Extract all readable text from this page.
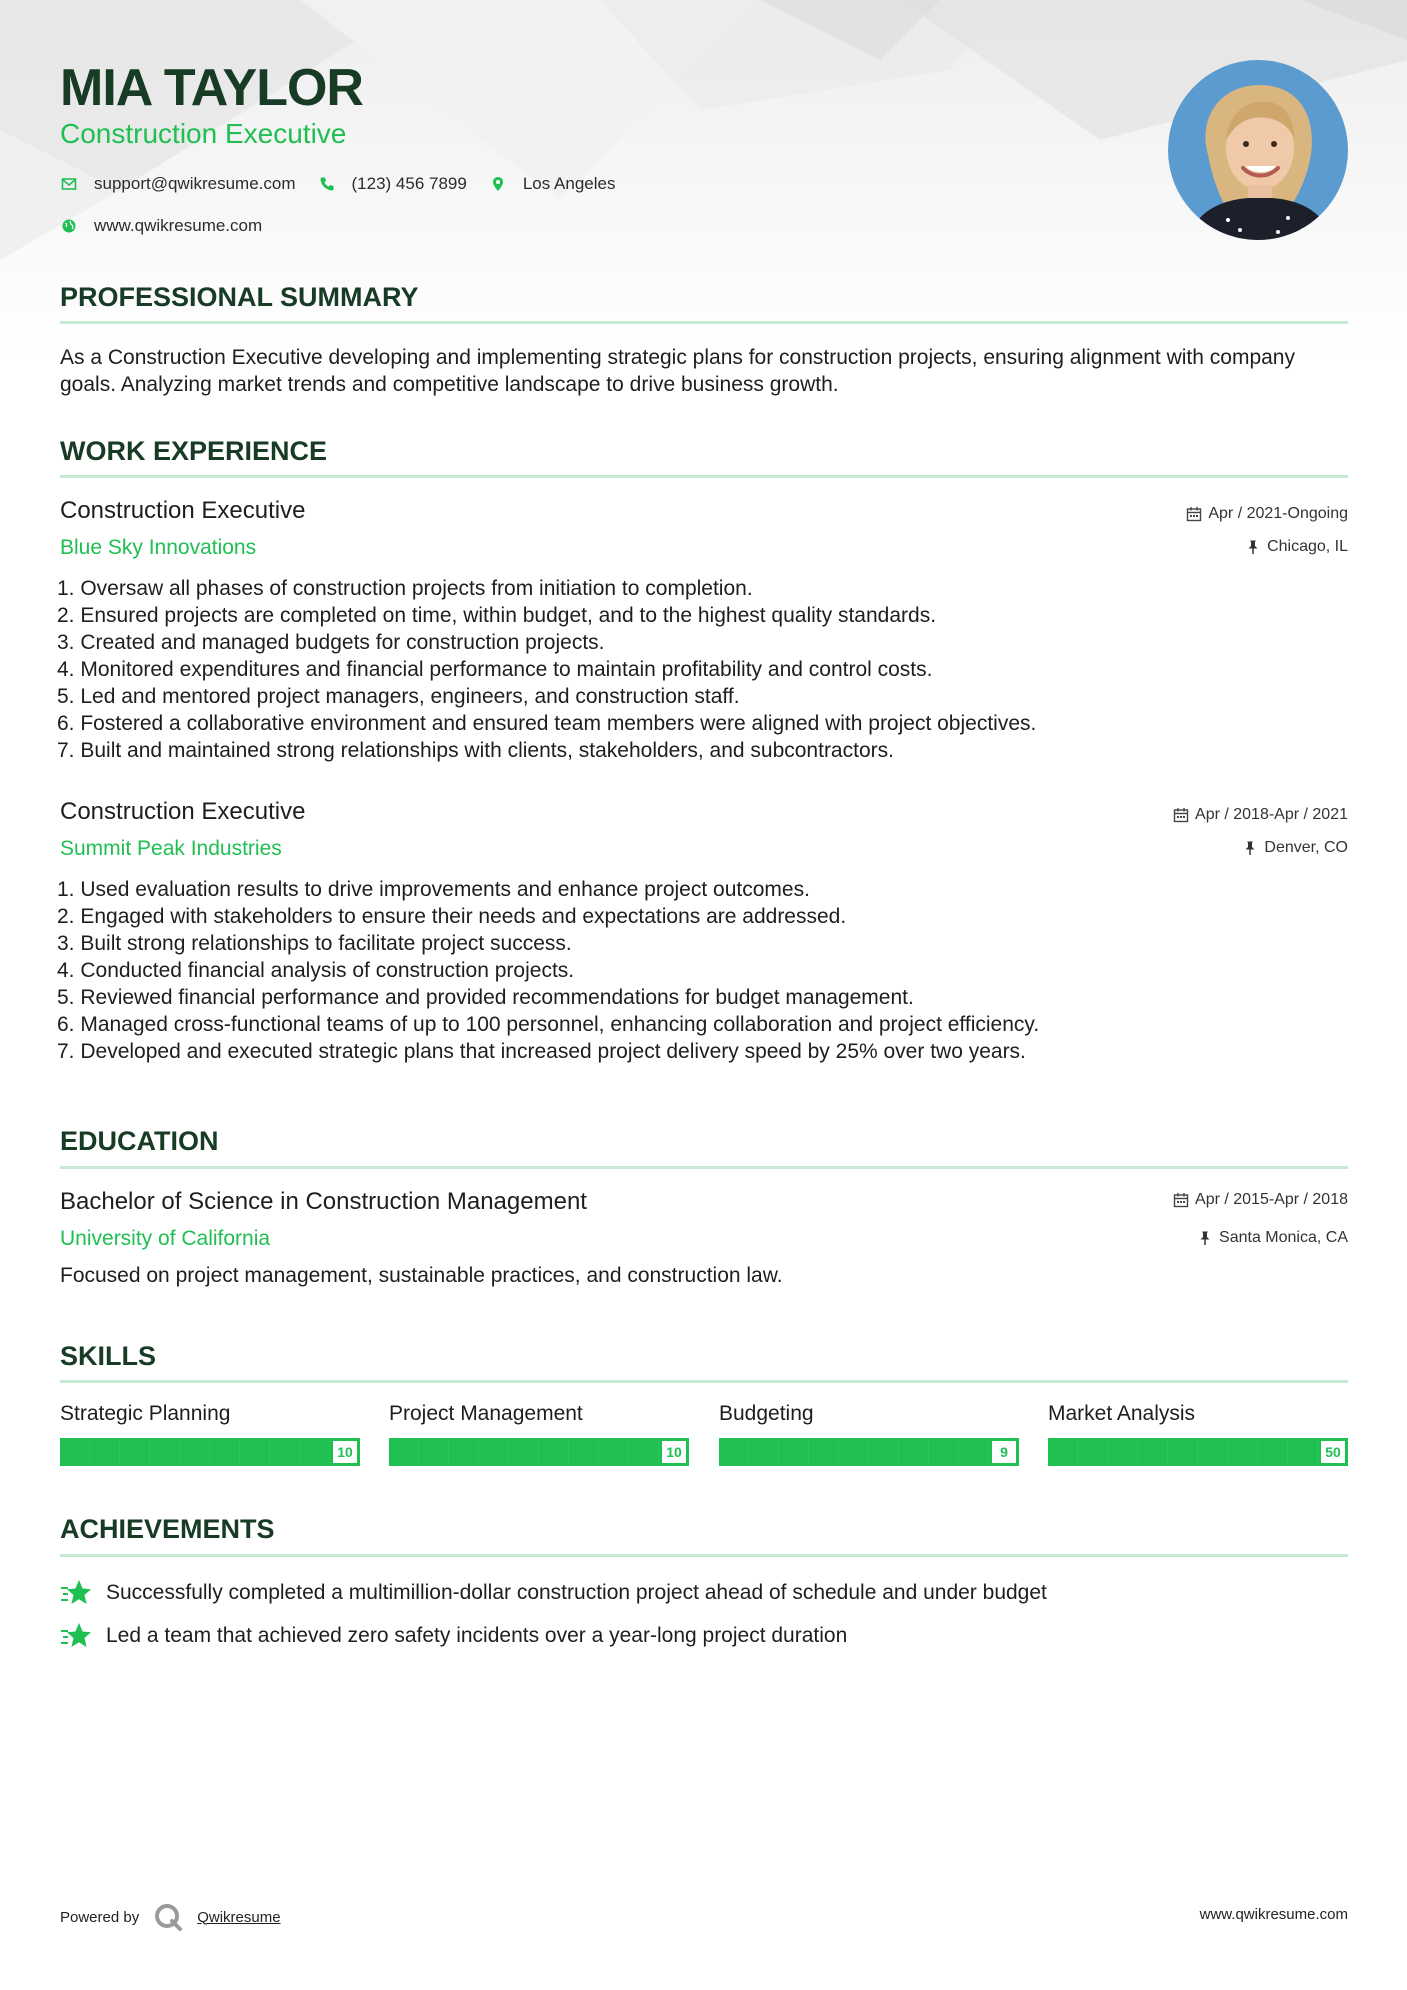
MIA TAYLOR
Construction Executive
support@qwikresume.com	(123) 456 7899	Los Angeles
www.qwikresume.com
PROFESSIONAL SUMMARY
As a Construction Executive developing and implementing strategic plans for construction projects, ensuring alignment with company goals. Analyzing market trends and competitive landscape to drive business growth.
WORK EXPERIENCE
Construction Executive
Blue Sky Innovations
Apr / 2021-Ongoing
Chicago, IL
1. Oversaw all phases of construction projects from initiation to completion.
2. Ensured projects are completed on time, within budget, and to the highest quality standards.
3. Created and managed budgets for construction projects.
4. Monitored expenditures and financial performance to maintain profitability and control costs.
5. Led and mentored project managers, engineers, and construction staff.
6. Fostered a collaborative environment and ensured team members were aligned with project objectives.
7. Built and maintained strong relationships with clients, stakeholders, and subcontractors.
Construction Executive
Summit Peak Industries
Apr / 2018-Apr / 2021
Denver, CO
1. Used evaluation results to drive improvements and enhance project outcomes.
2. Engaged with stakeholders to ensure their needs and expectations are addressed.
3. Built strong relationships to facilitate project success.
4. Conducted financial analysis of construction projects.
5. Reviewed financial performance and provided recommendations for budget management.
6. Managed cross-functional teams of up to 100 personnel, enhancing collaboration and project efficiency.
7. Developed and executed strategic plans that increased project delivery speed by 25% over two years.
EDUCATION
Bachelor of Science in Construction Management
University of California
Apr / 2015-Apr / 2018
Santa Monica, CA
Focused on project management, sustainable practices, and construction law.
SKILLS
Strategic Planning
10
Project Management
10
Budgeting
9
Market Analysis
50
ACHIEVEMENTS
Successfully completed a multimillion-dollar construction project ahead of schedule and under budget
Led a team that achieved zero safety incidents over a year-long project duration
Powered by	Qwikresume	www.qwikresume.com
